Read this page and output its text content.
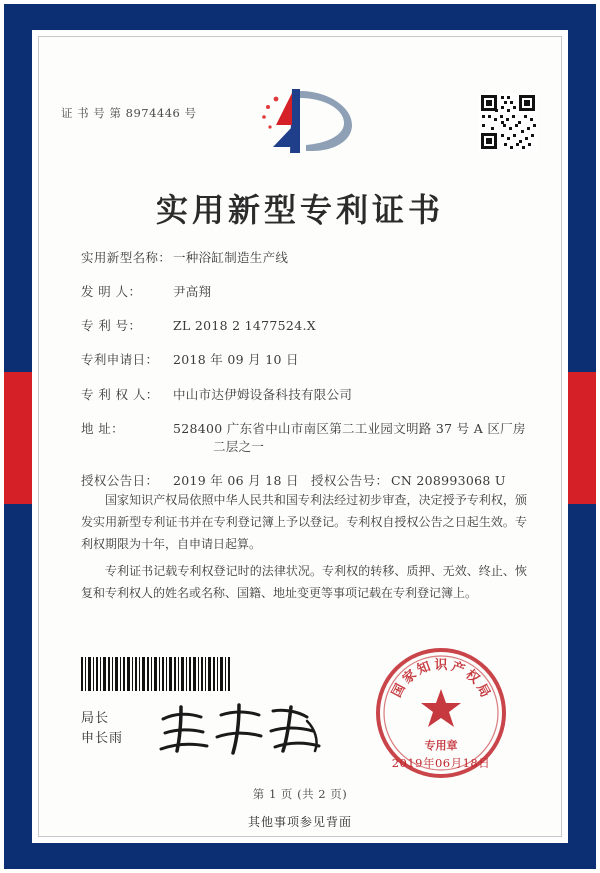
证 书 号 第 8974446 号
实用新型专利证书
实用新型名称： 一种浴缸制造生产线
发 明 人：	尹高翔
专 利 号：	ZL 2018 2 1477524.X
专利申请日：	2018 年 09 月 10 日
专 利 权 人：	中山市达伊姆设备科技有限公司
地 址：	528400 广东省中山市南区第二工业园文明路 37 号 A 区厂房
二层之一
授权公告日：	2019 年 06 月 18 日 授权公告号： CN 208993068 U

国家知识产权局依照中华人民共和国专利法经过初步审查，决定授予专利权，颁发实用新型专利证书并在专利登记簿上予以登记。专利权自授权公告之日起生效。专利权期限为十年，自申请日起算。

专利证书记载专利权登记时的法律状况。专利权的转移、质押、无效、终止、恢复和专利权人的姓名或名称、国籍、地址变更等事项记载在专利登记簿上。

局长
申长雨
国
家
知 识 产
权
局
专用章
2019年06月18日
第 1 页 (共 2 页)
其他事项参见背面
